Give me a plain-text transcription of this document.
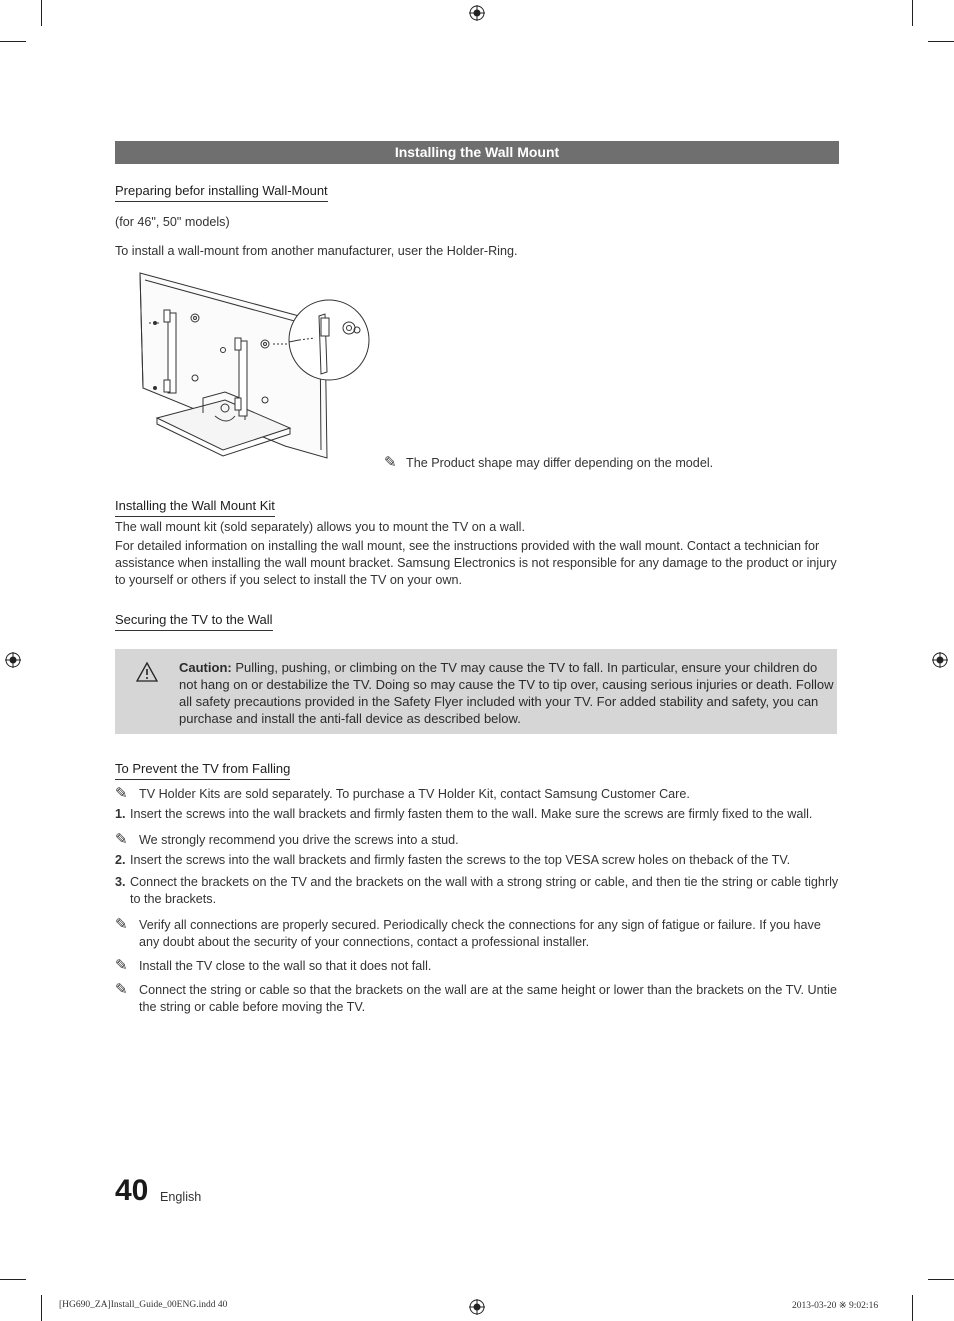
Installing the Wall Mount
Preparing befor installing Wall-Mount
(for 46", 50" models)
To install a wall-mount from another manufacturer, user the Holder-Ring.
✎ The Product shape may differ depending on the model.
Installing the Wall Mount Kit
The wall mount kit (sold separately) allows you to mount the TV on a wall.
For detailed information on installing the wall mount, see the instructions provided with the wall mount. Contact a technician for assistance when installing the wall mount bracket. Samsung Electronics is not responsible for any damage to the product or injury to yourself or others if you select to install the TV on your own.
Securing the TV to the Wall
Caution: Pulling, pushing, or climbing on the TV may cause the TV to fall. In particular, ensure your children do not hang on or destabilize the TV. Doing so may cause the TV to tip over, causing serious injuries or death. Follow all safety precautions provided in the Safety Flyer included with your TV. For added stability and safety, you can purchase and install the anti-fall device as described below.
To Prevent the TV from Falling
✎ TV Holder Kits are sold separately. To purchase a TV Holder Kit, contact Samsung Customer Care.
1. Insert the screws into the wall brackets and firmly fasten them to the wall. Make sure the screws are firmly fixed to the wall.
✎ We strongly recommend you drive the screws into a stud.
2. Insert the screws into the wall brackets and firmly fasten the screws to the top VESA screw holes on theback of the TV.
3. Connect the brackets on the TV and the brackets on the wall with a strong string or cable, and then tie the string or cable tighrly to the brackets.
✎ Verify all connections are properly secured. Periodically check the connections for any sign of fatigue or failure. If you have any doubt about the security of your connections, contact a professional installer.
✎ Install the TV close to the wall so that it does not fall.
✎ Connect the string or cable so that the brackets on the wall are at the same height or lower than the brackets on the TV. Untie the string or cable before moving the TV.
40 English
[HG690_ZA]Install_Guide_00ENG.indd 40	2013-03-20 ※ 9:02:16
